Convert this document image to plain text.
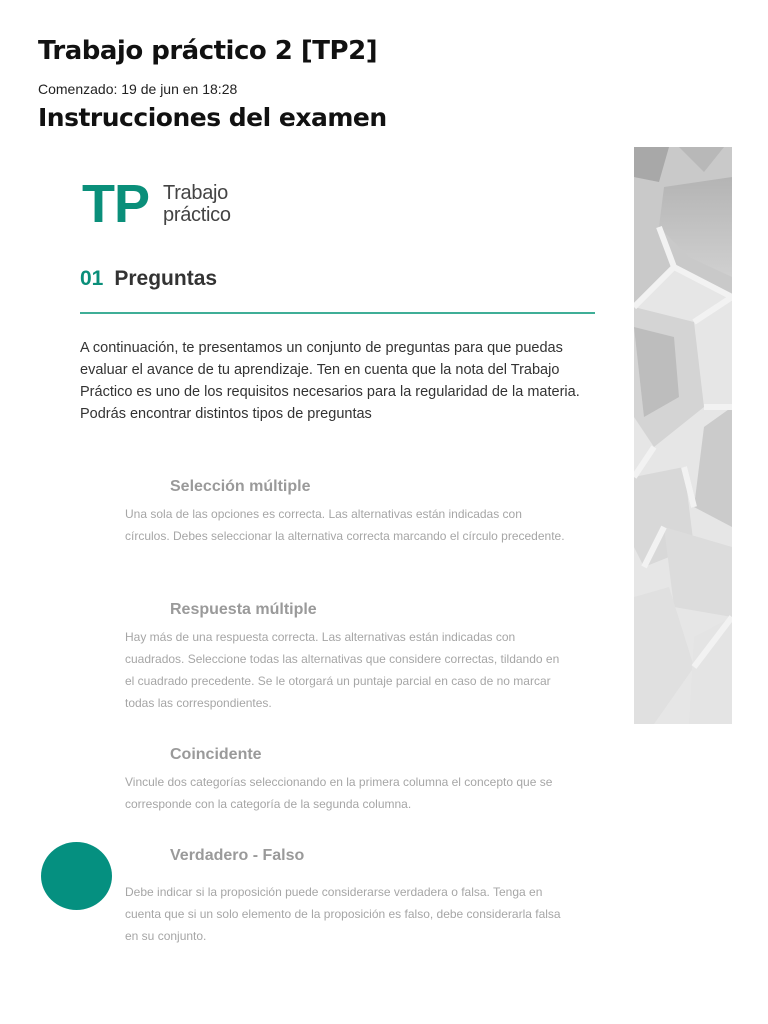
Trabajo práctico 2 [TP2]
Comenzado: 19 de jun en 18:28
Instrucciones del examen
TP Trabajo
práctico
01 Preguntas
A continuación, te presentamos un conjunto de preguntas para que puedas evaluar el avance de tu aprendizaje. Ten en cuenta que la nota del Trabajo Práctico es uno de los requisitos necesarios para la regularidad de la materia. Podrás encontrar distintos tipos de preguntas
Selección múltiple
Una sola de las opciones es correcta. Las alternativas están indicadas con círculos. Debes seleccionar la alternativa correcta marcando el círculo precedente.
Respuesta múltiple
Hay más de una respuesta correcta. Las alternativas están indicadas con cuadrados. Seleccione todas las alternativas que considere correctas, tildando en el cuadrado precedente. Se le otorgará un puntaje parcial en caso de no marcar todas las correspondientes.
Coincidente
Vincule dos categorías seleccionando en la primera columna el concepto que se corresponde con la categoría de la segunda columna.
Verdadero - Falso
Debe indicar si la proposición puede considerarse verdadera o falsa. Tenga en cuenta que si un solo elemento de la proposición es falso, debe considerarla falsa en su conjunto.
